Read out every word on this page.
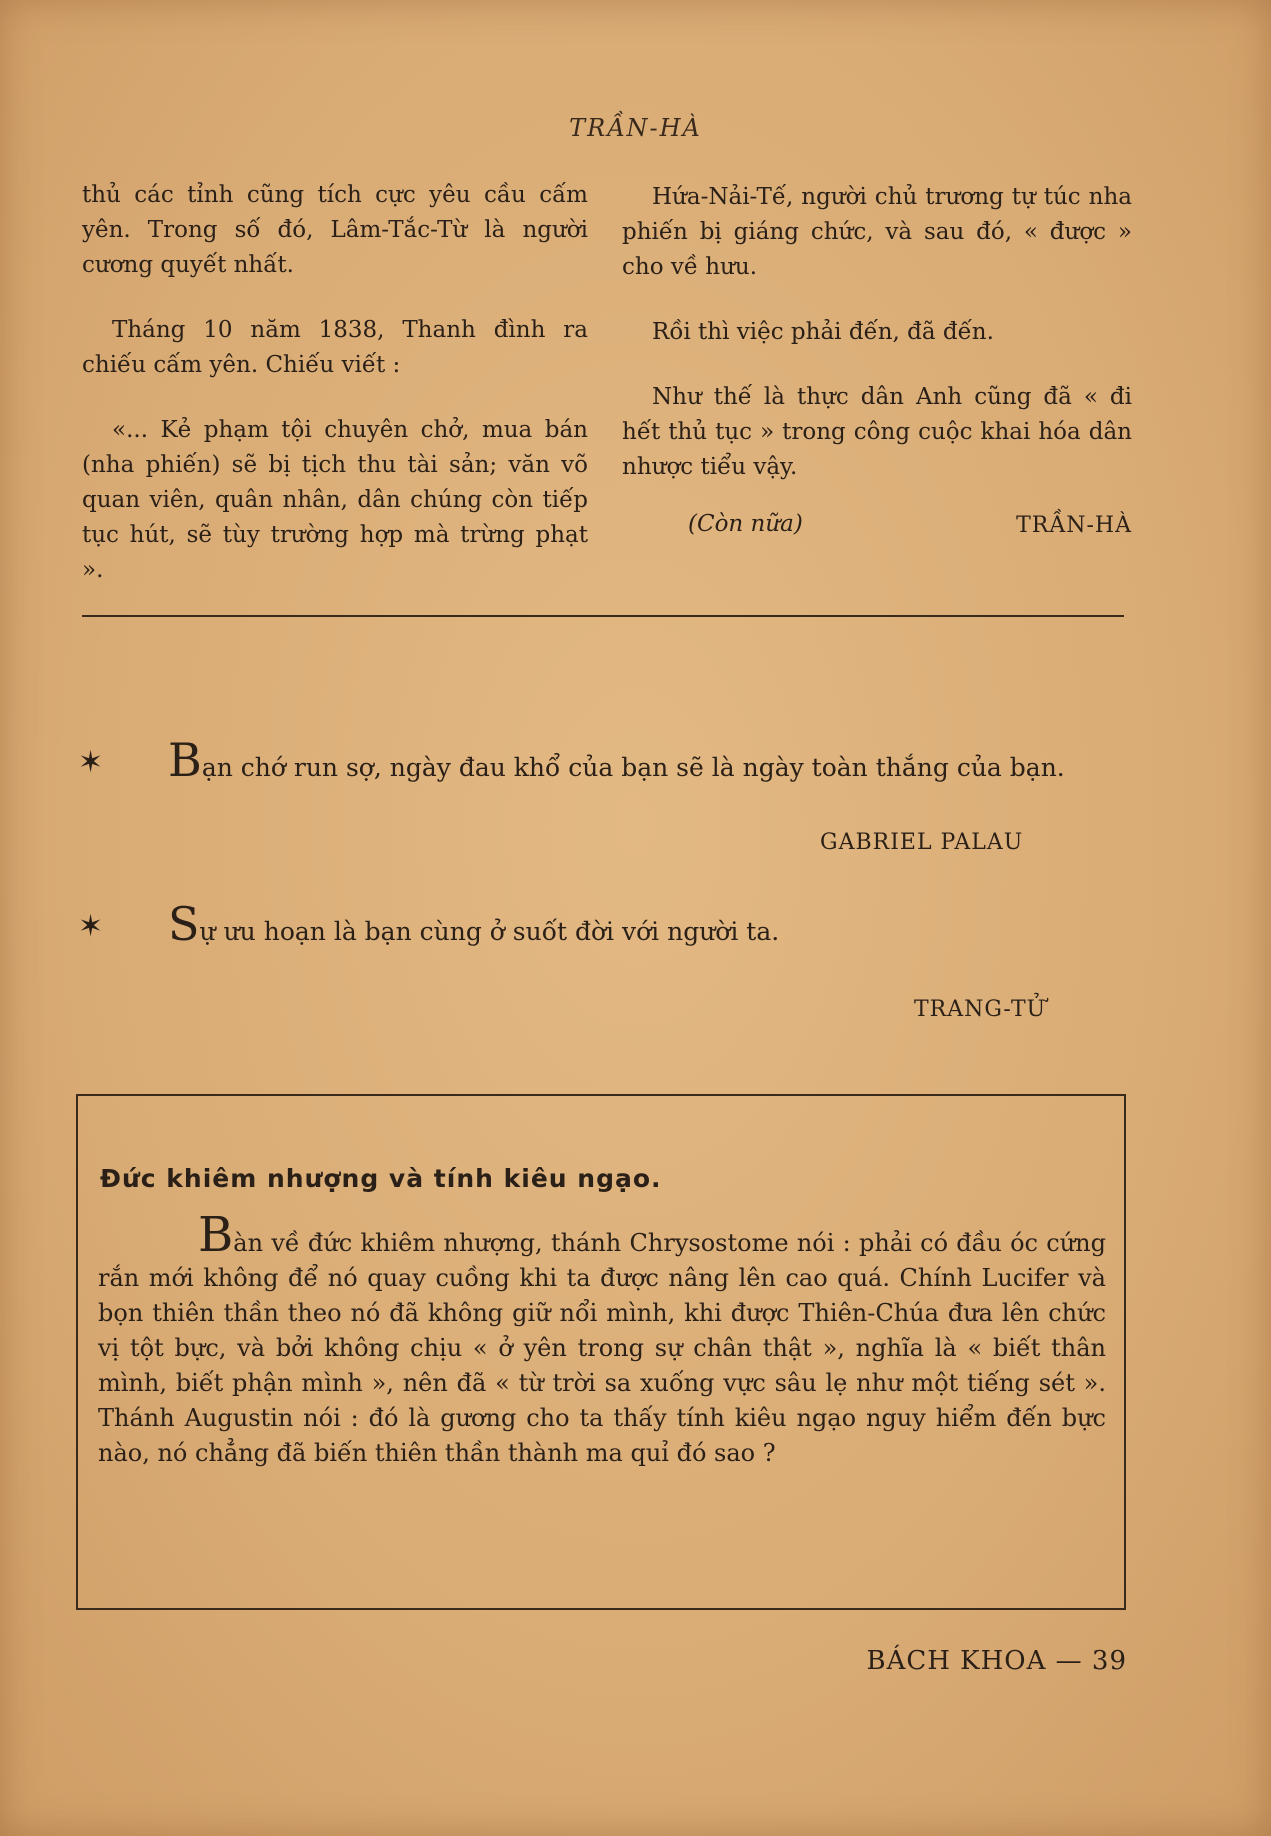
TRẦN-HÀ

thủ các tỉnh cũng tích cực yêu cầu cấm yên. Trong số đó, Lâm-Tắc-Từ là người cương quyết nhất.

Tháng 10 năm 1838, Thanh đình ra chiếu cấm yên. Chiếu viết :

«... Kẻ phạm tội chuyên chở, mua bán (nha phiến) sẽ bị tịch thu tài sản; văn võ quan viên, quân nhân, dân chúng còn tiếp tục hút, sẽ tùy trường hợp mà trừng phạt ».

Hứa-Nải-Tế, người chủ trương tự túc nha phiến bị giáng chức, và sau đó, « được » cho về hưu.

Rồi thì việc phải đến, đã đến.

Như thế là thực dân Anh cũng đã « đi hết thủ tục » trong công cuộc khai hóa dân nhược tiểu vậy.

(Còn nữa)	TRẦN-HÀ
✶	Bạn chớ run sợ, ngày đau khổ của bạn sẽ là ngày toàn thắng của bạn.
GABRIEL PALAU
✶	Sự ưu hoạn là bạn cùng ở suốt đời với người ta.
TRANG-TỬ
Đức khiêm nhượng và tính kiêu ngạo.
Bàn về đức khiêm nhượng, thánh Chrysostome nói : phải có đầu óc cứng rắn mới không để nó quay cuồng khi ta được nâng lên cao quá. Chính Lucifer và bọn thiên thần theo nó đã không giữ nổi mình, khi được Thiên-Chúa đưa lên chức vị tột bực, và bởi không chịu « ở yên trong sự chân thật », nghĩa là « biết thân mình, biết phận mình », nên đã « từ trời sa xuống vực sâu lẹ như một tiếng sét ». Thánh Augustin nói : đó là gương cho ta thấy tính kiêu ngạo nguy hiểm đến bực nào, nó chẳng đã biến thiên thần thành ma quỉ đó sao ?
BÁCH KHOA — 39
